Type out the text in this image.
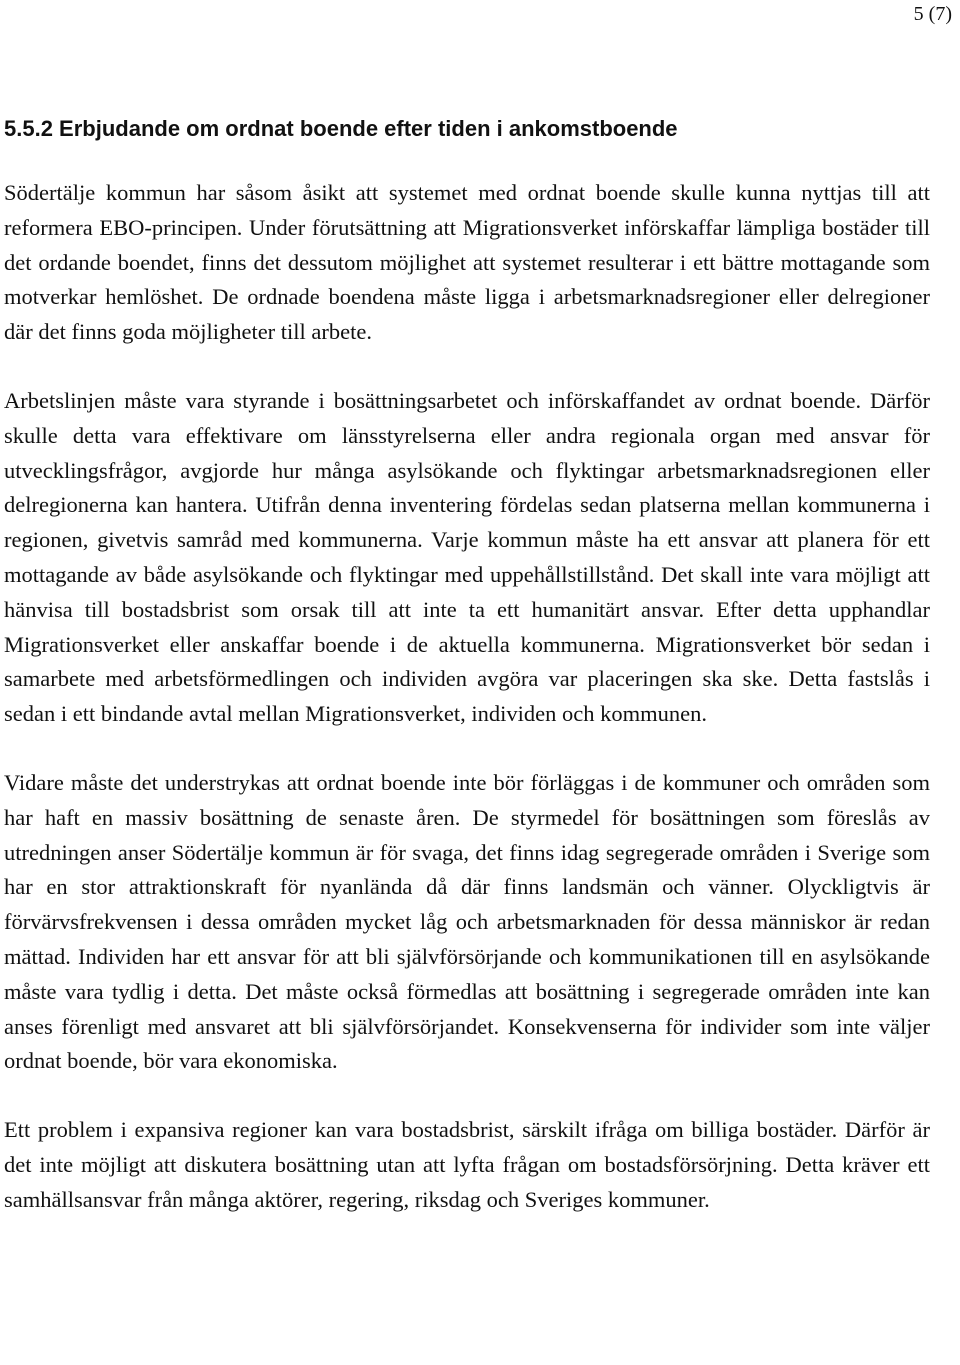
5 (7)
5.5.2 Erbjudande om ordnat boende efter tiden i ankomstboende

Södertälje kommun har såsom åsikt att systemet med ordnat boende skulle kunna nyttjas till att reformera EBO-principen. Under förutsättning att Migrationsverket införskaffar lämpliga bostäder till det ordande boendet, finns det dessutom möjlighet att systemet resulterar i ett bättre mottagande som motverkar hemlöshet. De ordnade boendena måste ligga i arbetsmarknadsregioner eller delregioner där det finns goda möjligheter till arbete.

Arbetslinjen måste vara styrande i bosättningsarbetet och införskaffandet av ordnat boende. Därför skulle detta vara effektivare om länsstyrelserna eller andra regionala organ med ansvar för utvecklingsfrågor, avgjorde hur många asylsökande och flyktingar arbetsmarknadsregionen eller delregionerna kan hantera. Utifrån denna inventering fördelas sedan platserna mellan kommunerna i regionen, givetvis samråd med kommunerna. Varje kommun måste ha ett ansvar att planera för ett mottagande av både asylsökande och flyktingar med uppehållstillstånd. Det skall inte vara möjligt att hänvisa till bostadsbrist som orsak till att inte ta ett humanitärt ansvar. Efter detta upphandlar Migrationsverket eller anskaffar boende i de aktuella kommunerna. Migrationsverket bör sedan i samarbete med arbetsförmedlingen och individen avgöra var placeringen ska ske. Detta fastslås i sedan i ett bindande avtal mellan Migrationsverket, individen och kommunen.

Vidare måste det understrykas att ordnat boende inte bör förläggas i de kommuner och områden som har haft en massiv bosättning de senaste åren. De styrmedel för bosättningen som föreslås av utredningen anser Södertälje kommun är för svaga, det finns idag segregerade områden i Sverige som har en stor attraktionskraft för nyanlända då där finns landsmän och vänner. Olyckligtvis är förvärvsfrekvensen i dessa områden mycket låg och arbetsmarknaden för dessa människor är redan mättad. Individen har ett ansvar för att bli självförsörjande och kommunikationen till en asylsökande måste vara tydlig i detta. Det måste också förmedlas att bosättning i segregerade områden inte kan anses förenligt med ansvaret att bli självförsörjandet. Konsekvenserna för individer som inte väljer ordnat boende, bör vara ekonomiska.

Ett problem i expansiva regioner kan vara bostadsbrist, särskilt ifråga om billiga bostäder. Därför är det inte möjligt att diskutera bosättning utan att lyfta frågan om bostadsförsörjning. Detta kräver ett samhällsansvar från många aktörer, regering, riksdag och Sveriges kommuner.
